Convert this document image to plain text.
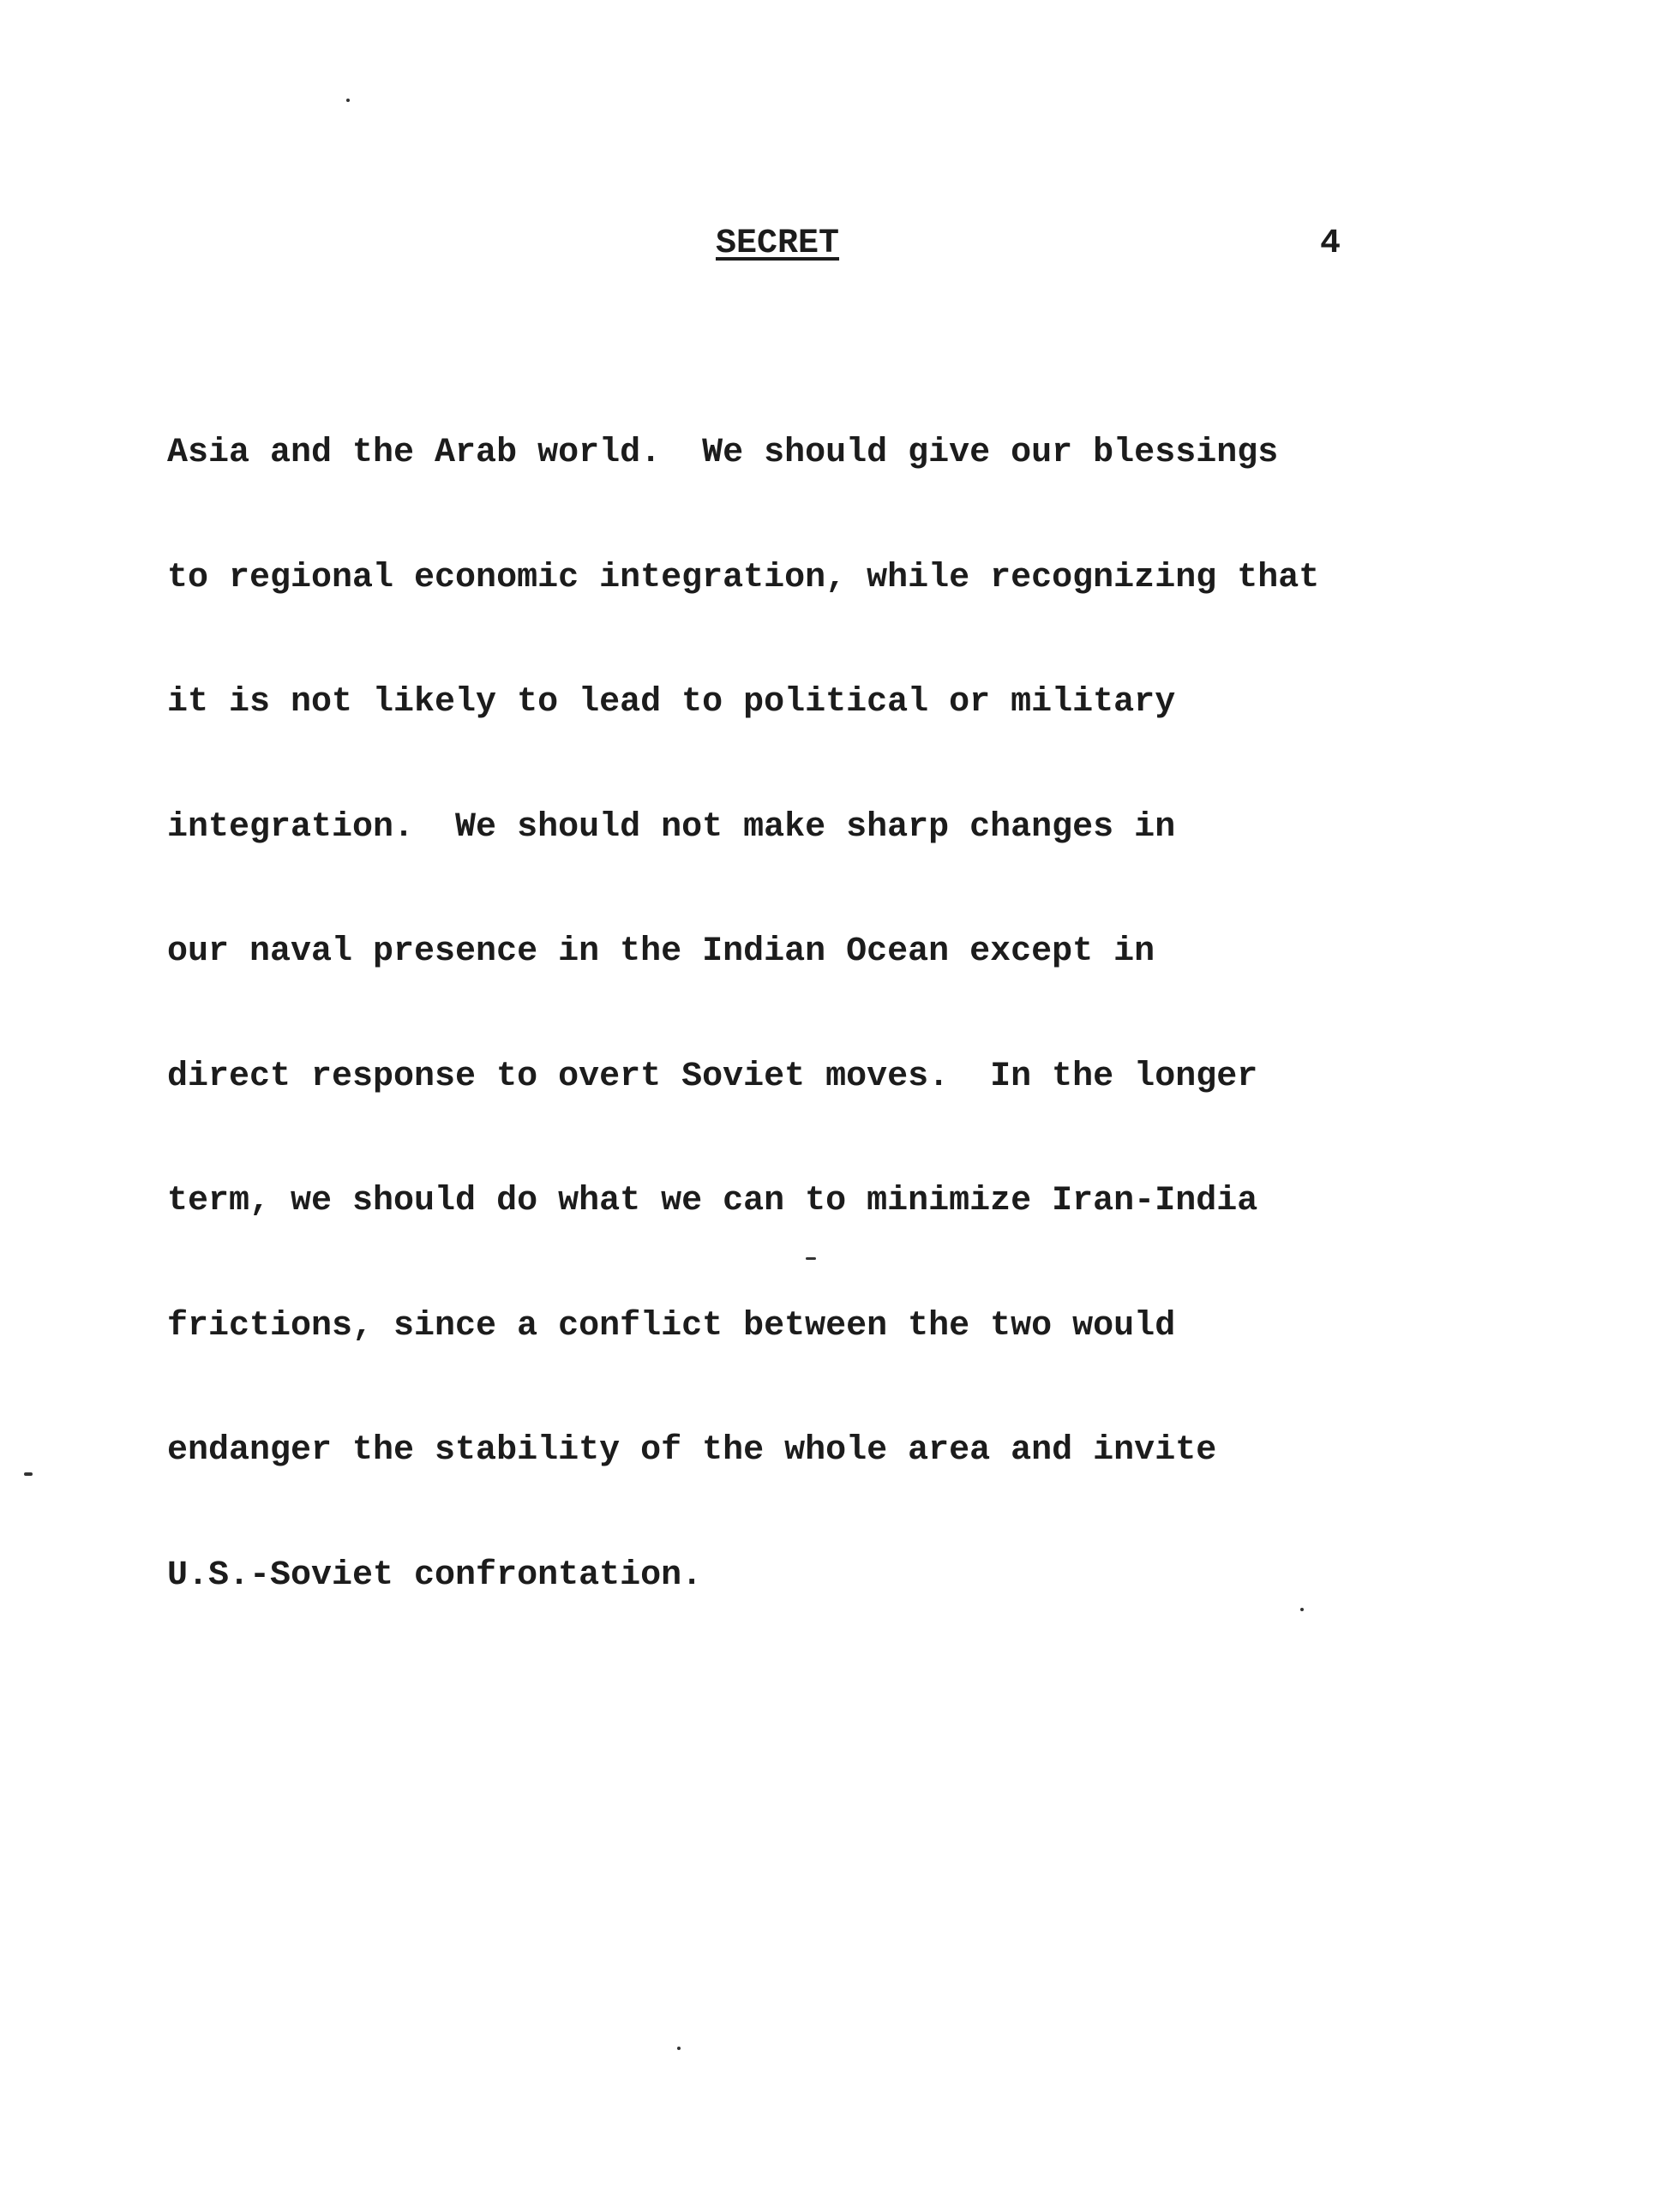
SECRET	4

Asia and the Arab world.  We should give our blessings

to regional economic integration, while recognizing that

it is not likely to lead to political or military

integration.  We should not make sharp changes in

our naval presence in the Indian Ocean except in

direct response to overt Soviet moves.  In the longer

term, we should do what we can to minimize Iran-India

frictions, since a conflict between the two would

endanger the stability of the whole area and invite

U.S.-Soviet confrontation.
